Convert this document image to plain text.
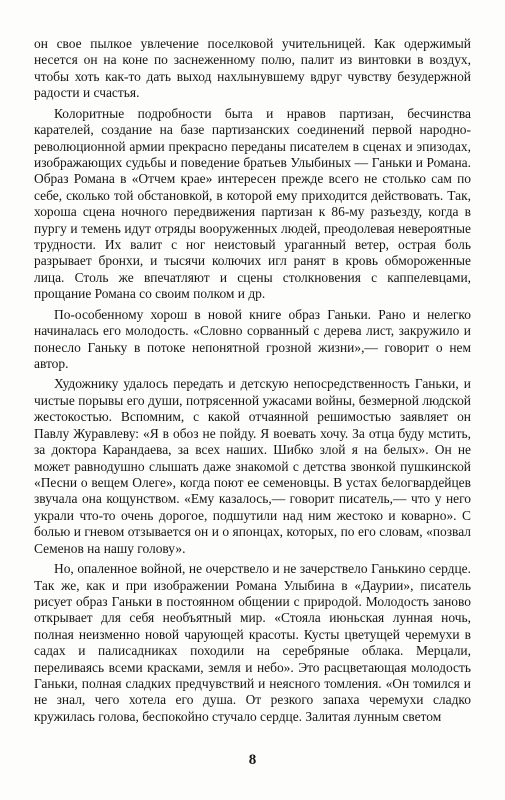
он свое пылкое увлечение поселковой учительницей. Как одержимый несется он на коне по заснеженному полю, палит из винтовки в воздух, чтобы хоть как-то дать выход нахлынувшему вдруг чувству безудержной радости и счастья.

Колоритные подробности быта и нравов партизан, бесчинства карателей, создание на базе партизанских соединений первой народно-революционной армии прекрасно переданы писателем в сценах и эпизодах, изображающих судьбы и поведение братьев Улыбиных — Ганьки и Романа. Образ Романа в «Отчем крае» интересен прежде всего не столько сам по себе, сколько той обстановкой, в которой ему приходится действовать. Так, хороша сцена ночного передвижения партизан к 86-му разъезду, когда в пургу и темень идут отряды вооруженных людей, преодолевая невероятные трудности. Их валит с ног неистовый ураганный ветер, острая боль разрывает бронхи, и тысячи колючих игл ранят в кровь обмороженные лица. Столь же впечатляют и сцены столкновения с каппелевцами, прощание Романа со своим полком и др.

По-особенному хорош в новой книге образ Ганьки. Рано и нелегко начиналась его молодость. «Словно сорванный с дерева лист, закружило и понесло Ганьку в потоке непонятной грозной жизни»,— говорит о нем автор.

Художнику удалось передать и детскую непосредственность Ганьки, и чистые порывы его души, потрясенной ужасами войны, безмерной людской жестокостью. Вспомним, с какой отчаянной решимостью заявляет он Павлу Журавлеву: «Я в обоз не пойду. Я воевать хочу. За отца буду мстить, за доктора Карандаева, за всех наших. Шибко злой я на белых». Он не может равнодушно слышать даже знакомой с детства звонкой пушкинской «Песни о вещем Олеге», когда поют ее семеновцы. В устах белогвардейцев звучала она кощунством. «Ему казалось,— говорит писатель,— что у него украли что-то очень дорогое, подшутили над ним жестоко и коварно». С болью и гневом отзывается он и о японцах, которых, по его словам, «позвал Семенов на нашу голову».

Но, опаленное войной, не очерствело и не зачерствело Ганькино сердце. Так же, как и при изображении Романа Улыбина в «Даурии», писатель рисует образ Ганьки в постоянном общении с природой. Молодость заново открывает для себя необъятный мир. «Стояла июньская лунная ночь, полная неизменно новой чарующей красоты. Кусты цветущей черемухи в садах и палисадниках походили на серебряные облака. Мерцали, переливаясь всеми красками, земля и небо». Это расцветающая молодость Ганьки, полная сладких предчувствий и неясного томления. «Он томился и не знал, чего хотела его душа. От резкого запаха черемухи сладко кружилась голова, беспокойно стучало сердце. Залитая лунным светом

8
